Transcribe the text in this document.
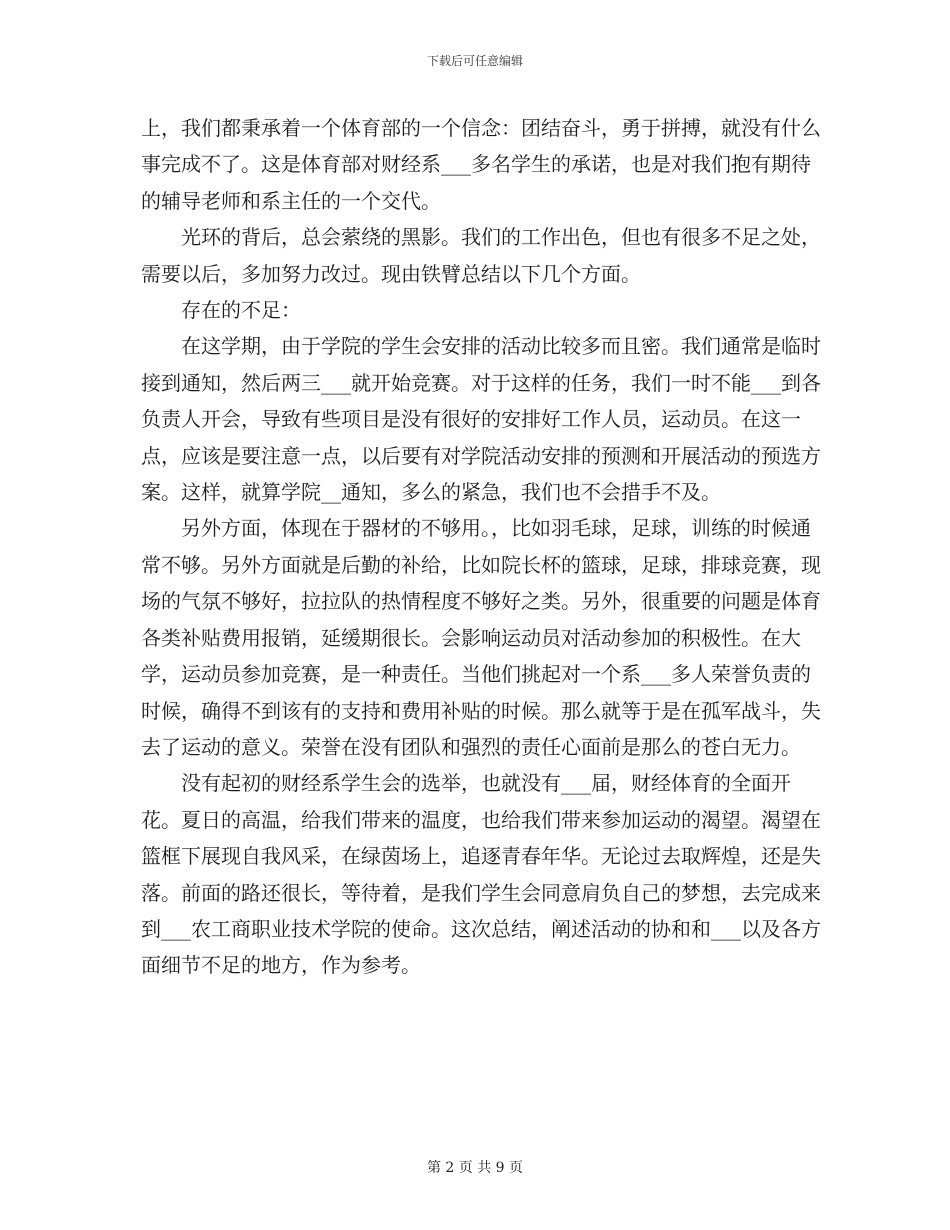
下载后可任意编辑

上，我们都秉承着一个体育部的一个信念：团结奋斗，勇于拼搏，就没有什么事完成不了。这是体育部对财经系___多名学生的承诺，也是对我们抱有期待的辅导老师和系主任的一个交代。

光环的背后，总会萦绕的黑影。我们的工作出色，但也有很多不足之处，需要以后，多加努力改过。现由铁臂总结以下几个方面。

存在的不足：

在这学期，由于学院的学生会安排的活动比较多而且密。我们通常是临时接到通知，然后两三___就开始竞赛。对于这样的任务，我们一时不能___到各负责人开会，导致有些项目是没有很好的安排好工作人员，运动员。在这一点，应该是要注意一点，以后要有对学院活动安排的预测和开展活动的预选方案。这样，就算学院__通知，多么的紧急，我们也不会措手不及。

另外方面，体现在于器材的不够用。，比如羽毛球，足球，训练的时候通常不够。另外方面就是后勤的补给，比如院长杯的篮球，足球，排球竞赛，现场的气氛不够好，拉拉队的热情程度不够好之类。另外，很重要的问题是体育各类补贴费用报销，延缓期很长。会影响运动员对活动参加的积极性。在大学，运动员参加竞赛，是一种责任。当他们挑起对一个系___多人荣誉负责的时候，确得不到该有的支持和费用补贴的时候。那么就等于是在孤军战斗，失去了运动的意义。荣誉在没有团队和强烈的责任心面前是那么的苍白无力。

没有起初的财经系学生会的选举，也就没有___届，财经体育的全面开花。夏日的高温，给我们带来的温度，也给我们带来参加运动的渴望。渴望在篮框下展现自我风采，在绿茵场上，追逐青春年华。无论过去取辉煌，还是失落。前面的路还很长，等待着，是我们学生会同意肩负自己的梦想，去完成来到___农工商职业技术学院的使命。这次总结，阐述活动的协和和___以及各方面细节不足的地方，作为参考。

第 2 页 共 9 页
